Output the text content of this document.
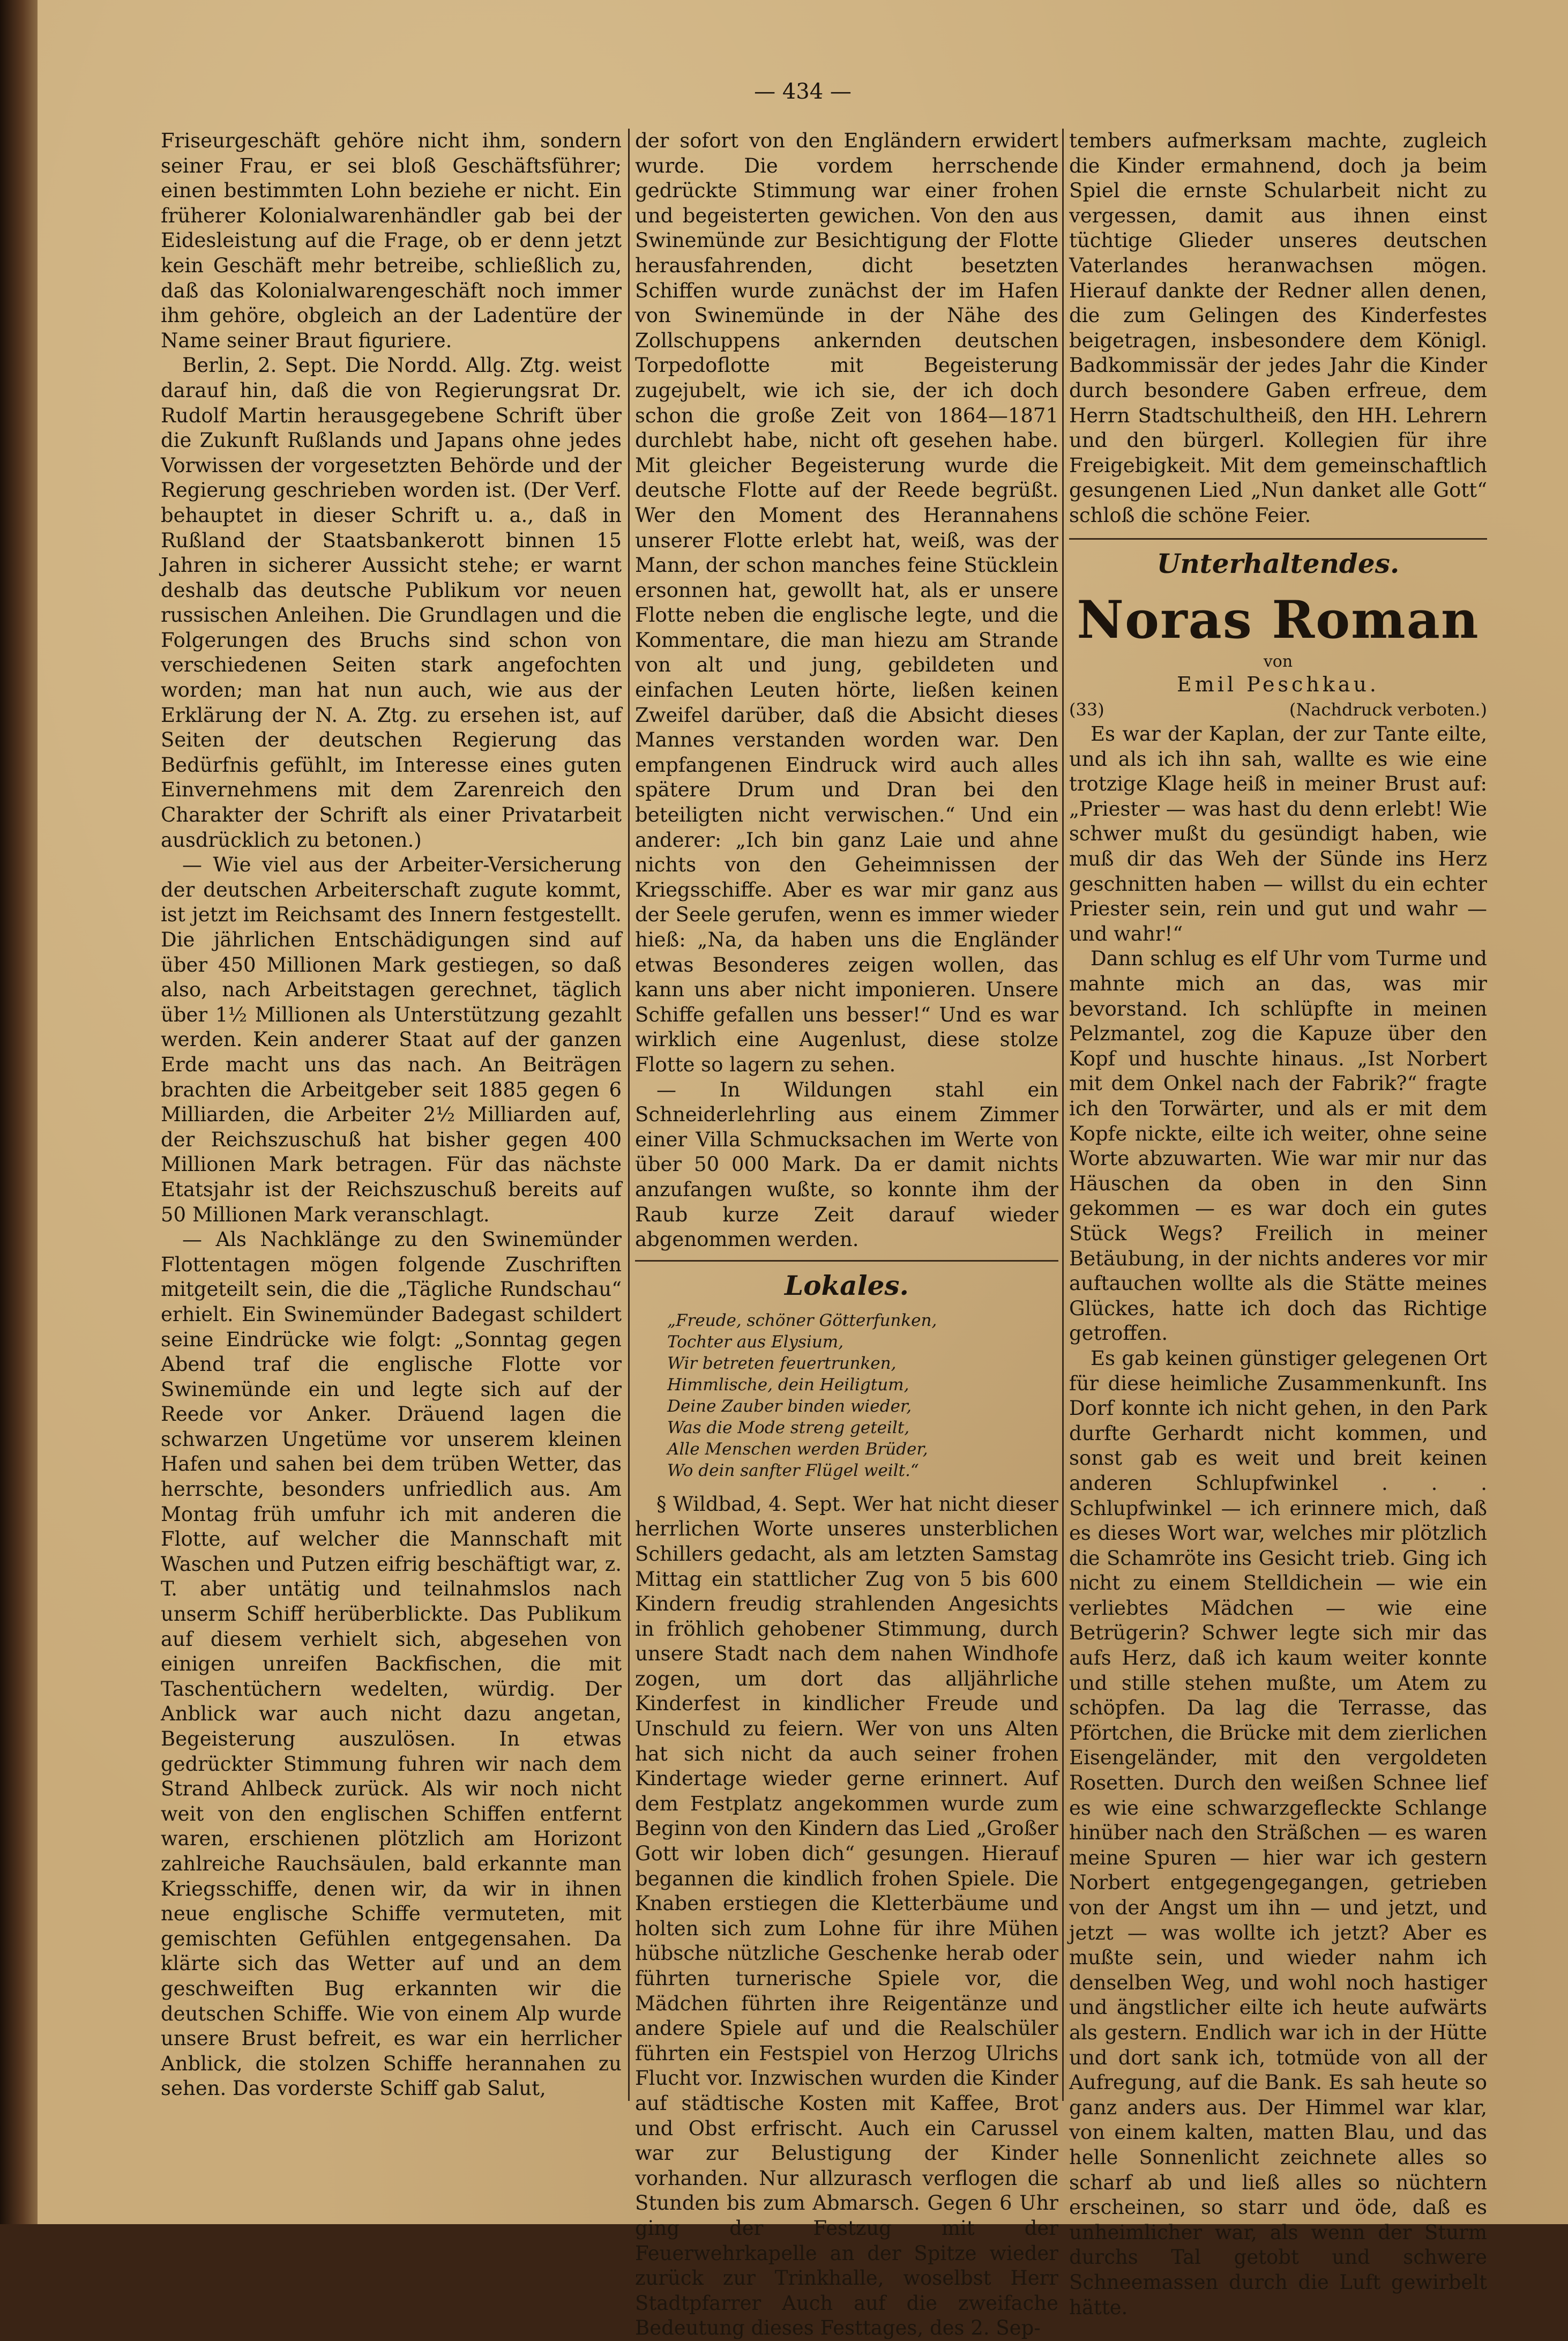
— 434 —

Friseurgeschäft gehöre nicht ihm, sondern seiner Frau, er sei bloß Geschäftsführer; einen bestimmten Lohn beziehe er nicht. Ein früherer Kolonialwarenhändler gab bei der Eidesleistung auf die Frage, ob er denn jetzt kein Geschäft mehr betreibe, schließlich zu, daß das Kolonialwarengeschäft noch immer ihm gehöre, obgleich an der Ladentüre der Name seiner Braut figuriere.

Berlin, 2. Sept. Die Nordd. Allg. Ztg. weist darauf hin, daß die von Regierungsrat Dr. Rudolf Martin herausgegebene Schrift über die Zukunft Rußlands und Japans ohne jedes Vorwissen der vorgesetzten Behörde und der Regierung geschrieben worden ist. (Der Verf. behauptet in dieser Schrift u. a., daß in Rußland der Staatsbankerott binnen 15 Jahren in sicherer Aussicht stehe; er warnt deshalb das deutsche Publikum vor neuen russischen Anleihen. Die Grundlagen und die Folgerungen des Bruchs sind schon von verschiedenen Seiten stark angefochten worden; man hat nun auch, wie aus der Erklärung der N. A. Ztg. zu ersehen ist, auf Seiten der deutschen Regierung das Bedürfnis gefühlt, im Interesse eines guten Einvernehmens mit dem Zarenreich den Charakter der Schrift als einer Privatarbeit ausdrücklich zu betonen.)

— Wie viel aus der Arbeiter-Versicherung der deutschen Arbeiterschaft zugute kommt, ist jetzt im Reichsamt des Innern festgestellt. Die jährlichen Entschädigungen sind auf über 450 Millionen Mark gestiegen, so daß also, nach Arbeitstagen gerechnet, täglich über 1½ Millionen als Unterstützung gezahlt werden. Kein anderer Staat auf der ganzen Erde macht uns das nach. An Beiträgen brachten die Arbeitgeber seit 1885 gegen 6 Milliarden, die Arbeiter 2½ Milliarden auf, der Reichszuschuß hat bisher gegen 400 Millionen Mark betragen. Für das nächste Etatsjahr ist der Reichszuschuß bereits auf 50 Millionen Mark veranschlagt.

— Als Nachklänge zu den Swinemünder Flottentagen mögen folgende Zuschriften mitgeteilt sein, die die „Tägliche Rundschau“ erhielt. Ein Swinemünder Badegast schildert seine Eindrücke wie folgt: „Sonntag gegen Abend traf die englische Flotte vor Swinemünde ein und legte sich auf der Reede vor Anker. Dräuend lagen die schwarzen Ungetüme vor unserem kleinen Hafen und sahen bei dem trüben Wetter, das herrschte, besonders unfriedlich aus. Am Montag früh umfuhr ich mit anderen die Flotte, auf welcher die Mannschaft mit Waschen und Putzen eifrig beschäftigt war, z. T. aber untätig und teilnahmslos nach unserm Schiff herüberblickte. Das Publikum auf diesem verhielt sich, abgesehen von einigen unreifen Backfischen, die mit Taschentüchern wedelten, würdig. Der Anblick war auch nicht dazu angetan, Begeisterung auszulösen. In etwas gedrückter Stimmung fuhren wir nach dem Strand Ahlbeck zurück. Als wir noch nicht weit von den englischen Schiffen entfernt waren, erschienen plötzlich am Horizont zahlreiche Rauchsäulen, bald erkannte man Kriegsschiffe, denen wir, da wir in ihnen neue englische Schiffe vermuteten, mit gemischten Gefühlen entgegensahen. Da klärte sich das Wetter auf und an dem geschweiften Bug erkannten wir die deutschen Schiffe. Wie von einem Alp wurde unsere Brust befreit, es war ein herrlicher Anblick, die stolzen Schiffe herannahen zu sehen. Das vorderste Schiff gab Salut,

der sofort von den Engländern erwidert wurde. Die vordem herrschende gedrückte Stimmung war einer frohen und begeisterten gewichen. Von den aus Swinemünde zur Besichtigung der Flotte herausfahrenden, dicht besetzten Schiffen wurde zunächst der im Hafen von Swinemünde in der Nähe des Zollschuppens ankernden deutschen Torpedoflotte mit Begeisterung zugejubelt, wie ich sie, der ich doch schon die große Zeit von 1864—1871 durchlebt habe, nicht oft gesehen habe. Mit gleicher Begeisterung wurde die deutsche Flotte auf der Reede begrüßt. Wer den Moment des Herannahens unserer Flotte erlebt hat, weiß, was der Mann, der schon manches feine Stücklein ersonnen hat, gewollt hat, als er unsere Flotte neben die englische legte, und die Kommentare, die man hiezu am Strande von alt und jung, gebildeten und einfachen Leuten hörte, ließen keinen Zweifel darüber, daß die Absicht dieses Mannes verstanden worden war. Den empfangenen Eindruck wird auch alles spätere Drum und Dran bei den beteiligten nicht verwischen.“ Und ein anderer: „Ich bin ganz Laie und ahne nichts von den Geheimnissen der Kriegsschiffe. Aber es war mir ganz aus der Seele gerufen, wenn es immer wieder hieß: „Na, da haben uns die Engländer etwas Besonderes zeigen wollen, das kann uns aber nicht imponieren. Unsere Schiffe gefallen uns besser!“ Und es war wirklich eine Augenlust, diese stolze Flotte so lagern zu sehen.

— In Wildungen stahl ein Schneiderlehrling aus einem Zimmer einer Villa Schmucksachen im Werte von über 50 000 Mark. Da er damit nichts anzufangen wußte, so konnte ihm der Raub kurze Zeit darauf wieder abgenommen werden.

Lokales.
„Freude, schöner Götterfunken,
Tochter aus Elysium,
Wir betreten feuertrunken,
Himmlische, dein Heiligtum,
Deine Zauber binden wieder,
Was die Mode streng geteilt,
Alle Menschen werden Brüder,
Wo dein sanfter Flügel weilt.“

§ Wildbad, 4. Sept. Wer hat nicht dieser herrlichen Worte unseres unsterblichen Schillers gedacht, als am letzten Samstag Mittag ein stattlicher Zug von 5 bis 600 Kindern freudig strahlenden Angesichts in fröhlich gehobener Stimmung, durch unsere Stadt nach dem nahen Windhofe zogen, um dort das alljährliche Kinderfest in kindlicher Freude und Unschuld zu feiern. Wer von uns Alten hat sich nicht da auch seiner frohen Kindertage wieder gerne erinnert. Auf dem Festplatz angekommen wurde zum Beginn von den Kindern das Lied „Großer Gott wir loben dich“ gesungen. Hierauf begannen die kindlich frohen Spiele. Die Knaben erstiegen die Kletterbäume und holten sich zum Lohne für ihre Mühen hübsche nützliche Geschenke herab oder führten turnerische Spiele vor, die Mädchen führten ihre Reigentänze und andere Spiele auf und die Realschüler führten ein Festspiel von Herzog Ulrichs Flucht vor. Inzwischen wurden die Kinder auf städtische Kosten mit Kaffee, Brot und Obst erfrischt. Auch ein Carussel war zur Belustigung der Kinder vorhanden. Nur allzurasch verflogen die Stunden bis zum Abmarsch. Gegen 6 Uhr ging der Festzug mit der Feuerwehrkapelle an der Spitze wieder zurück zur Trinkhalle, woselbst Herr Stadtpfarrer Auch auf die zweifache Bedeutung dieses Festtages, des 2. Sep-

tembers aufmerksam machte, zugleich die Kinder ermahnend, doch ja beim Spiel die ernste Schularbeit nicht zu vergessen, damit aus ihnen einst tüchtige Glieder unseres deutschen Vaterlandes heranwachsen mögen. Hierauf dankte der Redner allen denen, die zum Gelingen des Kinderfestes beigetragen, insbesondere dem Königl. Badkommissär der jedes Jahr die Kinder durch besondere Gaben erfreue, dem Herrn Stadtschultheiß, den HH. Lehrern und den bürgerl. Kollegien für ihre Freigebigkeit. Mit dem gemeinschaftlich gesungenen Lied „Nun danket alle Gott“ schloß die schöne Feier.

Unterhaltendes.
Noras Roman
von
Emil Peschkau.
(33)	(Nachdruck verboten.)

Es war der Kaplan, der zur Tante eilte, und als ich ihn sah, wallte es wie eine trotzige Klage heiß in meiner Brust auf: „Priester — was hast du denn erlebt! Wie schwer mußt du gesündigt haben, wie muß dir das Weh der Sünde ins Herz geschnitten haben — willst du ein echter Priester sein, rein und gut und wahr — und wahr!“

Dann schlug es elf Uhr vom Turme und mahnte mich an das, was mir bevorstand. Ich schlüpfte in meinen Pelzmantel, zog die Kapuze über den Kopf und huschte hinaus. „Ist Norbert mit dem Onkel nach der Fabrik?“ fragte ich den Torwärter, und als er mit dem Kopfe nickte, eilte ich weiter, ohne seine Worte abzuwarten. Wie war mir nur das Häuschen da oben in den Sinn gekommen — es war doch ein gutes Stück Wegs? Freilich in meiner Betäubung, in der nichts anderes vor mir auftauchen wollte als die Stätte meines Glückes, hatte ich doch das Richtige getroffen.

Es gab keinen günstiger gelegenen Ort für diese heimliche Zusammenkunft. Ins Dorf konnte ich nicht gehen, in den Park durfte Gerhardt nicht kommen, und sonst gab es weit und breit keinen anderen Schlupfwinkel . . . Schlupfwinkel — ich erinnere mich, daß es dieses Wort war, welches mir plötzlich die Schamröte ins Gesicht trieb. Ging ich nicht zu einem Stelldichein — wie ein verliebtes Mädchen — wie eine Betrügerin? Schwer legte sich mir das aufs Herz, daß ich kaum weiter konnte und stille stehen mußte, um Atem zu schöpfen. Da lag die Terrasse, das Pförtchen, die Brücke mit dem zierlichen Eisengeländer, mit den vergoldeten Rosetten. Durch den weißen Schnee lief es wie eine schwarzgefleckte Schlange hinüber nach den Sträßchen — es waren meine Spuren — hier war ich gestern Norbert entgegengegangen, getrieben von der Angst um ihn — und jetzt, und jetzt — was wollte ich jetzt? Aber es mußte sein, und wieder nahm ich denselben Weg, und wohl noch hastiger und ängstlicher eilte ich heute aufwärts als gestern. Endlich war ich in der Hütte und dort sank ich, totmüde von all der Aufregung, auf die Bank. Es sah heute so ganz anders aus. Der Himmel war klar, von einem kalten, matten Blau, und das helle Sonnenlicht zeichnete alles so scharf ab und ließ alles so nüchtern erscheinen, so starr und öde, daß es unheimlicher war, als wenn der Sturm durchs Tal getobt und schwere Schneemassen durch die Luft gewirbelt hätte.
